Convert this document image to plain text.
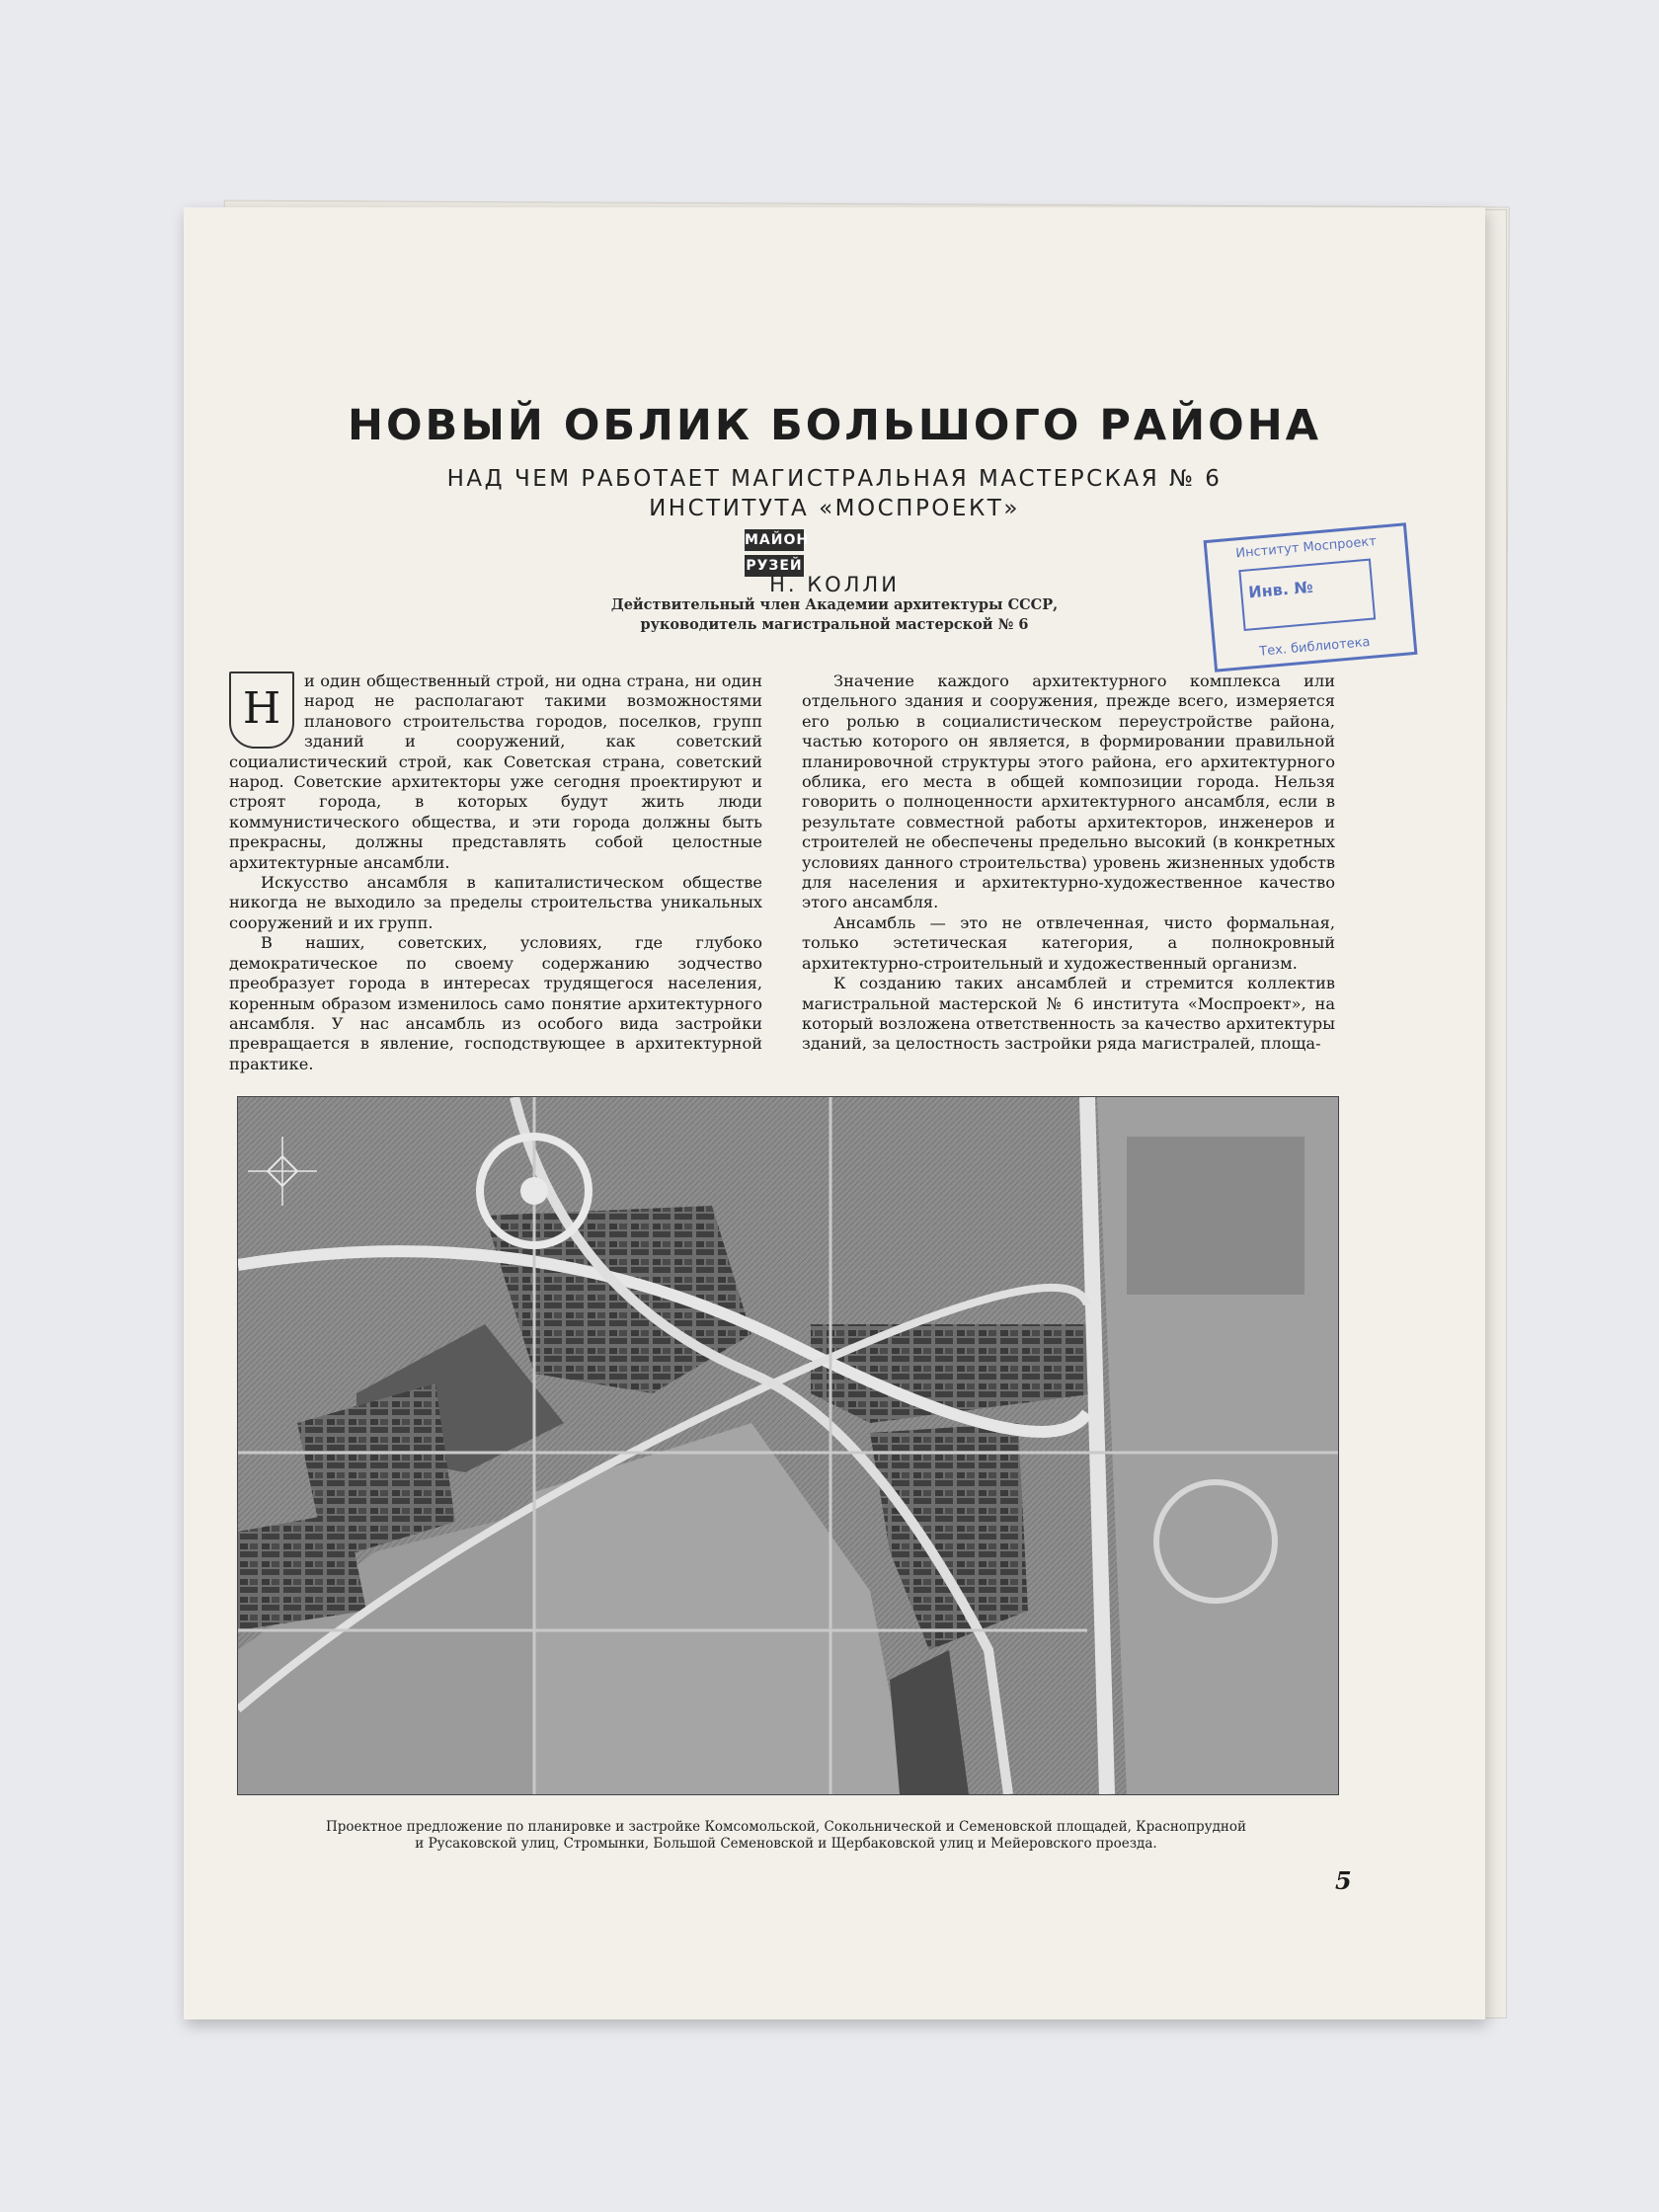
НОВЫЙ ОБЛИК БОЛЬШОГО РАЙОНА
НАД ЧЕМ РАБОТАЕТ МАГИСТРАЛЬНАЯ МАСТЕРСКАЯ № 6
ИНСТИТУТА «МОСПРОЕКТ»
МАЙОН
РУЗЕЙ
Н. КОЛЛИ
Действительный член Академии архитектуры СССР,
руководитель магистральной мастерской № 6
Институт Моспроект
Инв. №
Тех. библиотека
Н

и один общественный строй, ни одна страна, ни один народ не располагают такими возможностями планового строительства городов, поселков, групп зданий и сооружений, как советский социалистический строй, как Советская страна, советский народ. Советские архитекторы уже сегодня проектируют и строят города, в которых будут жить люди коммунистического общества, и эти города должны быть прекрасны, должны представлять собой целостные архитектурные ансамбли.

Искусство ансамбля в капиталистическом обществе никогда не выходило за пределы строительства уникальных сооружений и их групп.

В наших, советских, условиях, где глубоко демократическое по своему содержанию зодчество преобразует города в интересах трудящегося населения, коренным образом изменилось само понятие архитектурного ансамбля. У нас ансамбль из особого вида застройки превращается в явление, господствующее в архитектурной практике.

Значение каждого архитектурного комплекса или отдельного здания и сооружения, прежде всего, измеряется его ролью в социалистическом переустройстве района, частью которого он является, в формировании правильной планировочной структуры этого района, его архитектурного облика, его места в общей композиции города. Нельзя говорить о полноценности архитектурного ансамбля, если в результате совместной работы архитекторов, инженеров и строителей не обеспечены предельно высокий (в конкретных условиях данного строительства) уровень жизненных удобств для населения и архитектурно-художественное качество этого ансамбля.

Ансамбль — это не отвлеченная, чисто формальная, только эстетическая категория, а полнокровный архитектурно-строительный и художественный организм.

К созданию таких ансамблей и стремится коллектив магистральной мастерской № 6 института «Моспроект», на который возложена ответственность за качество архитектуры зданий, за целостность застройки ряда магистралей, площа-

Проектное предложение по планировке и застройке Комсомольской, Сокольнической и Семеновской площадей, Краснопрудной
и Русаковской улиц, Стромынки, Большой Семеновской и Щербаковской улиц и Мейеровского проезда.
5
